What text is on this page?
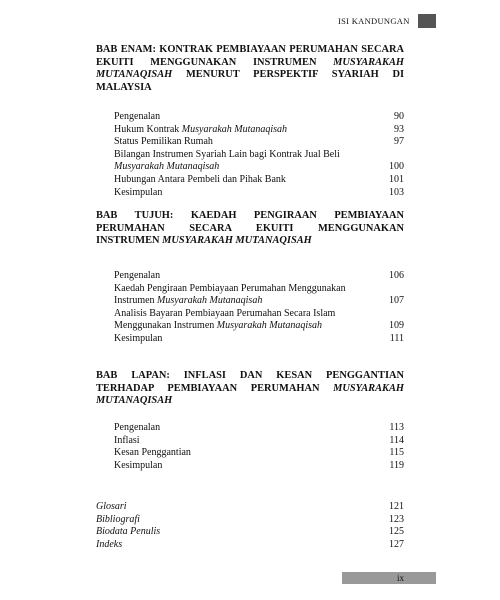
ISI KANDUNGAN

BAB ENAM: KONTRAK PEMBIAYAAN PERUMAHAN SECARA EKUITI MENGGUNAKAN INSTRUMEN MUSYARAKAH MUTANAQISAH MENURUT PERSPEKTIF SYARIAH DI MALAYSIA

Pengenalan	90
Hukum Kontrak Musyarakah Mutanaqisah	93
Status Pemilikan Rumah	97
Bilangan Instrumen Syariah Lain bagi Kontrak Jual Beli Musyarakah Mutanaqisah	100
Hubungan Antara Pembeli dan Pihak Bank	101
Kesimpulan	103

BAB TUJUH: KAEDAH PENGIRAAN PEMBIAYAAN PERUMAHAN SECARA EKUITI MENGGUNAKAN INSTRUMEN MUSYARAKAH MUTANAQISAH

Pengenalan	106
Kaedah Pengiraan Pembiayaan Perumahan Menggunakan Instrumen Musyarakah Mutanaqisah	107
Analisis Bayaran Pembiayaan Perumahan Secara Islam Menggunakan Instrumen Musyarakah Mutanaqisah	109
Kesimpulan	111

BAB LAPAN: INFLASI DAN KESAN PENGGANTIAN TERHADAP PEMBIAYAAN PERUMAHAN MUSYARAKAH MUTANAQISAH

Pengenalan	113
Inflasi	114
Kesan Penggantian	115
Kesimpulan	119
Glosari	121
Bibliografi	123
Biodata Penulis	125
Indeks	127
ix
